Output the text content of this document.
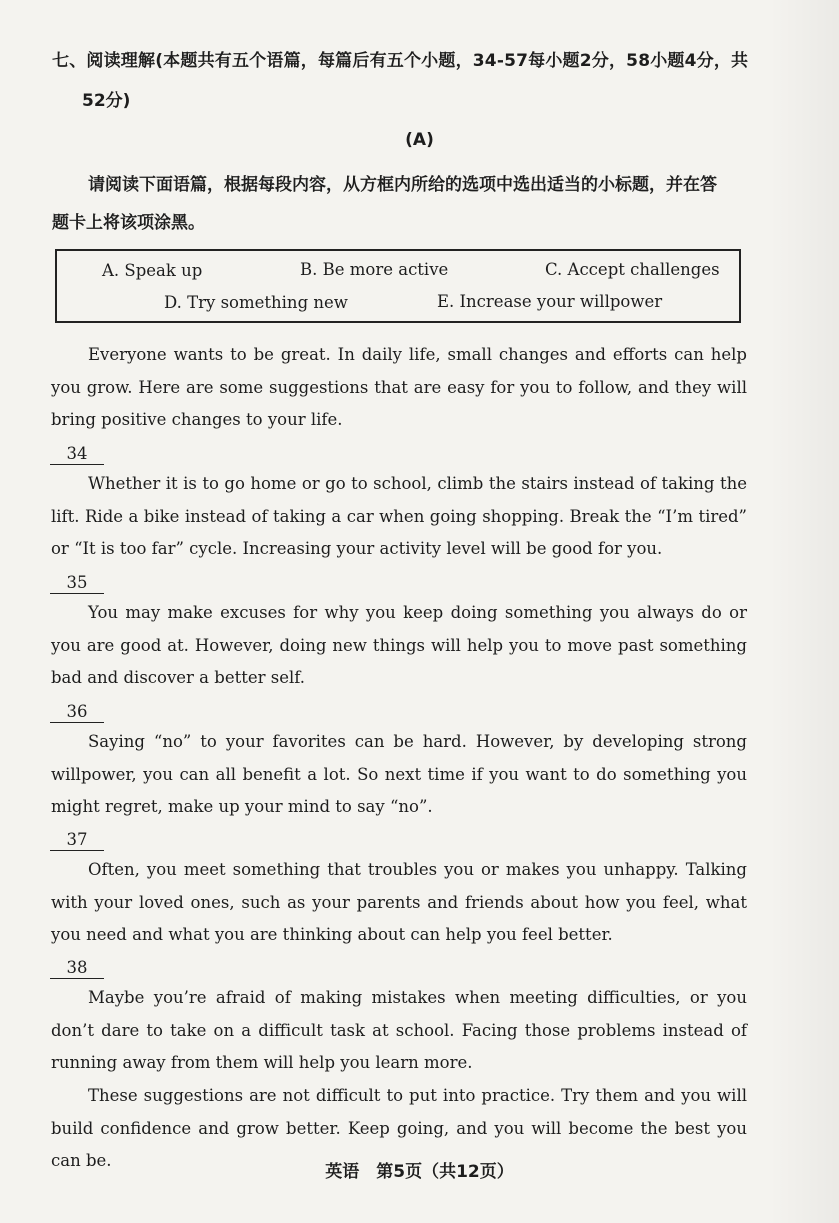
七、阅读理解(本题共有五个语篇，每篇后有五个小题，34-57每小题2分，58小题4分，共
52分)
(A)
请阅读下面语篇，根据每段内容，从方框内所给的选项中选出适当的小标题，并在答
题卡上将该项涂黑。
A. Speak up	B. Be more active	C. Accept challenges
D. Try something new	E. Increase your willpower
Everyone wants to be great. In daily life, small changes and efforts can help you grow. Here are some suggestions that are easy for you to follow, and they will bring positive changes to your life.
34
Whether it is to go home or go to school, climb the stairs instead of taking the lift. Ride a bike instead of taking a car when going shopping. Break the “I’m tired” or “It is too far” cycle. Increasing your activity level will be good for you.
35
You may make excuses for why you keep doing something you always do or you are good at. However, doing new things will help you to move past something bad and discover a better self.
36
Saying “no” to your favorites can be hard. However, by developing strong willpower, you can all benefit a lot. So next time if you want to do something you might regret, make up your mind to say “no”.
37
Often, you meet something that troubles you or makes you unhappy. Talking with your loved ones, such as your parents and friends about how you feel, what you need and what you are thinking about can help you feel better.
38
Maybe you’re afraid of making mistakes when meeting difficulties, or you don’t dare to take on a difficult task at school. Facing those problems instead of running away from them will help you learn more.
These suggestions are not difficult to put into practice. Try them and you will build confidence and grow better. Keep going, and you will become the best you can be.
英语　第5页（共12页）
